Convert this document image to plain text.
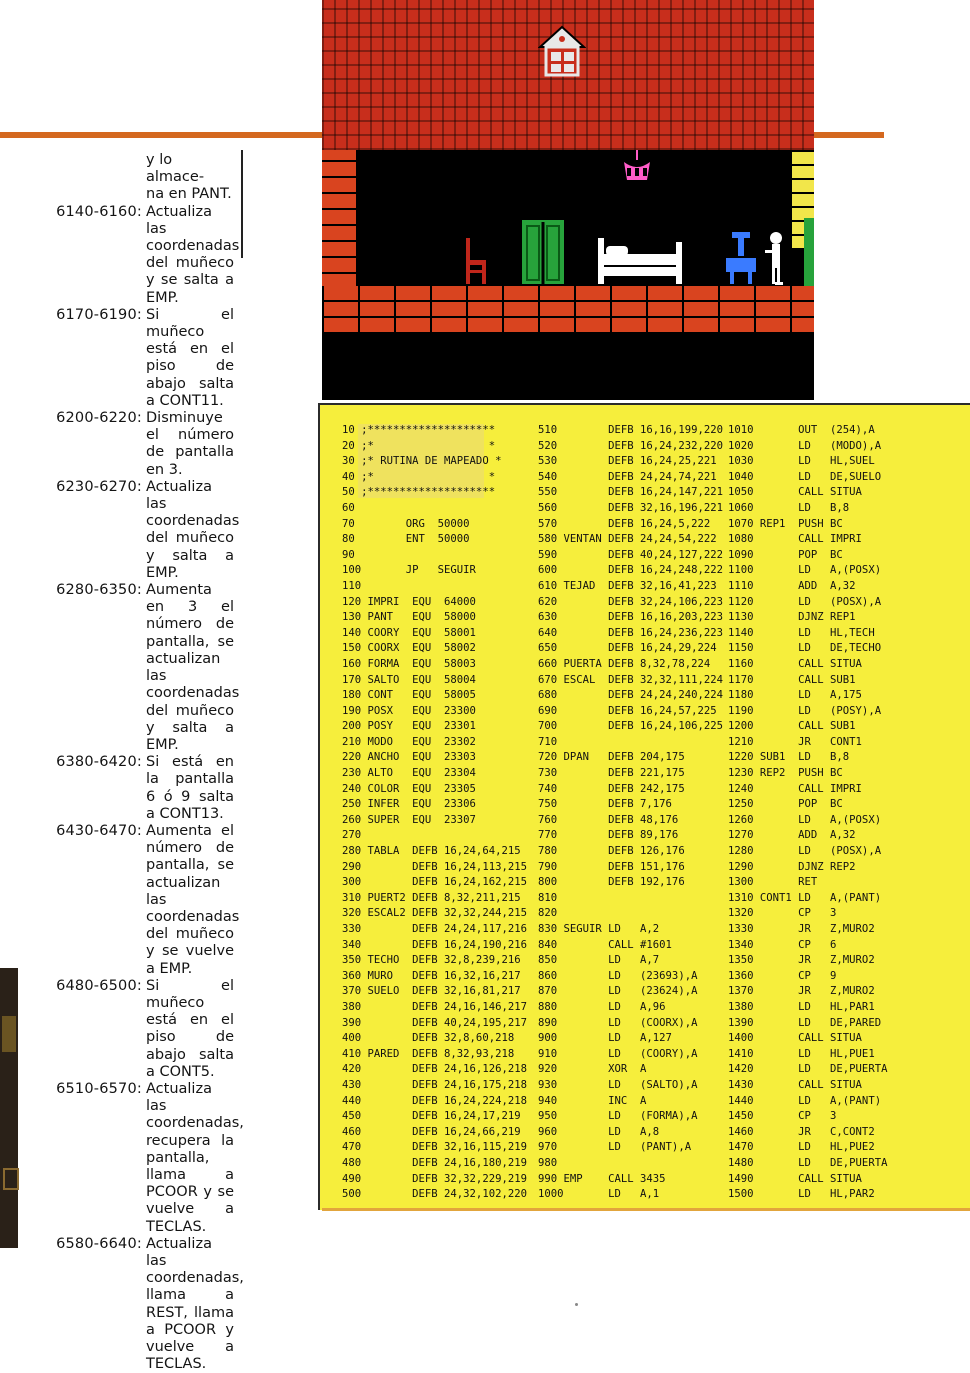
y lo almace-
na en PANT.
6140-6160: Actualiza las coordenadas del muñeco y se salta a EMP.
6170-6190: Si el muñeco está en el piso de abajo salta a CONT11.
6200-6220: Disminuye el número de pantalla en 3.
6230-6270: Actualiza las coordenadas del muñeco y salta a EMP.
6280-6350: Aumenta en 3 el número de pantalla, se actualizan las coordenadas del muñeco y salta a EMP.
6380-6420: Si está en la pantalla 6 ó 9 salta a CONT13.
6430-6470: Aumenta el número de pantalla, se actualizan las coordenadas del muñeco y se vuelve a EMP.
6480-6500: Si el muñeco está en el piso de abajo salta a CONT5.
6510-6570: Actualiza las coordenadas, recupera la pantalla, llama a PCOOR y se vuelve a TECLAS.
6580-6640: Actualiza las coordenadas, llama a REST, llama a PCOOR y vuelve a TECLAS.
10 ;********************
20 ;*                  *
30 ;* RUTINA DE MAPEADO *
40 ;*                  *
50 ;********************
60
70        ORG  50000
80        ENT  50000
90
100       JP   SEGUIR
110
120 IMPRI  EQU  64000
130 PANT   EQU  58000
140 COORY  EQU  58001
150 COORX  EQU  58002
160 FORMA  EQU  58003
170 SALTO  EQU  58004
180 CONT   EQU  58005
190 POSX   EQU  23300
200 POSY   EQU  23301
210 MODO   EQU  23302
220 ANCHO  EQU  23303
230 ALTO   EQU  23304
240 COLOR  EQU  23305
250 INFER  EQU  23306
260 SUPER  EQU  23307
270
280 TABLA  DEFB 16,24,64,215
290        DEFB 16,24,113,215
300        DEFB 16,24,162,215
310 PUERT2 DEFB 8,32,211,215
320 ESCAL2 DEFB 32,32,244,215
330        DEFB 24,24,117,216
340        DEFB 16,24,190,216
350 TECHO  DEFB 32,8,239,216
360 MURO   DEFB 16,32,16,217
370 SUELO  DEFB 32,16,81,217
380        DEFB 24,16,146,217
390        DEFB 40,24,195,217
400        DEFB 32,8,60,218
410 PARED  DEFB 8,32,93,218
420        DEFB 24,16,126,218
430        DEFB 24,16,175,218
440        DEFB 16,24,224,218
450        DEFB 16,24,17,219
460        DEFB 16,24,66,219
470        DEFB 32,16,115,219
480        DEFB 24,16,180,219
490        DEFB 32,32,229,219
500        DEFB 24,32,102,220
510        DEFB 16,16,199,220
520        DEFB 16,24,232,220
530        DEFB 16,24,25,221
540        DEFB 24,24,74,221
550        DEFB 16,24,147,221
560        DEFB 32,16,196,221
570        DEFB 16,24,5,222
580 VENTAN DEFB 24,24,54,222
590        DEFB 40,24,127,222
600        DEFB 16,24,248,222
610 TEJAD  DEFB 32,16,41,223
620        DEFB 32,24,106,223
630        DEFB 16,16,203,223
640        DEFB 16,24,236,223
650        DEFB 16,24,29,224
660 PUERTA DEFB 8,32,78,224
670 ESCAL  DEFB 32,32,111,224
680        DEFB 24,24,240,224
690        DEFB 16,24,57,225
700        DEFB 16,24,106,225
710
720 DPAN   DEFB 204,175
730        DEFB 221,175
740        DEFB 242,175
750        DEFB 7,176
760        DEFB 48,176
770        DEFB 89,176
780        DEFB 126,176
790        DEFB 151,176
800        DEFB 192,176
810
820
830 SEGUIR LD   A,2
840        CALL #1601
850        LD   A,7
860        LD   (23693),A
870        LD   (23624),A
880        LD   A,96
890        LD   (COORX),A
900        LD   A,127
910        LD   (COORY),A
920        XOR  A
930        LD   (SALTO),A
940        INC  A
950        LD   (FORMA),A
960        LD   A,8
970        LD   (PANT),A
980
990 EMP    CALL 3435
1000       LD   A,1
1010       OUT  (254),A
1020       LD   (MODO),A
1030       LD   HL,SUEL
1040       LD   DE,SUELO
1050       CALL SITUA
1060       LD   B,8
1070 REP1  PUSH BC
1080       CALL IMPRI
1090       POP  BC
1100       LD   A,(POSX)
1110       ADD  A,32
1120       LD   (POSX),A
1130       DJNZ REP1
1140       LD   HL,TECH
1150       LD   DE,TECHO
1160       CALL SITUA
1170       CALL SUB1
1180       LD   A,175
1190       LD   (POSY),A
1200       CALL SUB1
1210       JR   CONT1
1220 SUB1  LD   B,8
1230 REP2  PUSH BC
1240       CALL IMPRI
1250       POP  BC
1260       LD   A,(POSX)
1270       ADD  A,32
1280       LD   (POSX),A
1290       DJNZ REP2
1300       RET
1310 CONT1 LD   A,(PANT)
1320       CP   3
1330       JR   Z,MURO2
1340       CP   6
1350       JR   Z,MURO2
1360       CP   9
1370       JR   Z,MURO2
1380       LD   HL,PAR1
1390       LD   DE,PARED
1400       CALL SITUA
1410       LD   HL,PUE1
1420       LD   DE,PUERTA
1430       CALL SITUA
1440       LD   A,(PANT)
1450       CP   3
1460       JR   C,CONT2
1470       LD   HL,PUE2
1480       LD   DE,PUERTA
1490       CALL SITUA
1500       LD   HL,PAR2
